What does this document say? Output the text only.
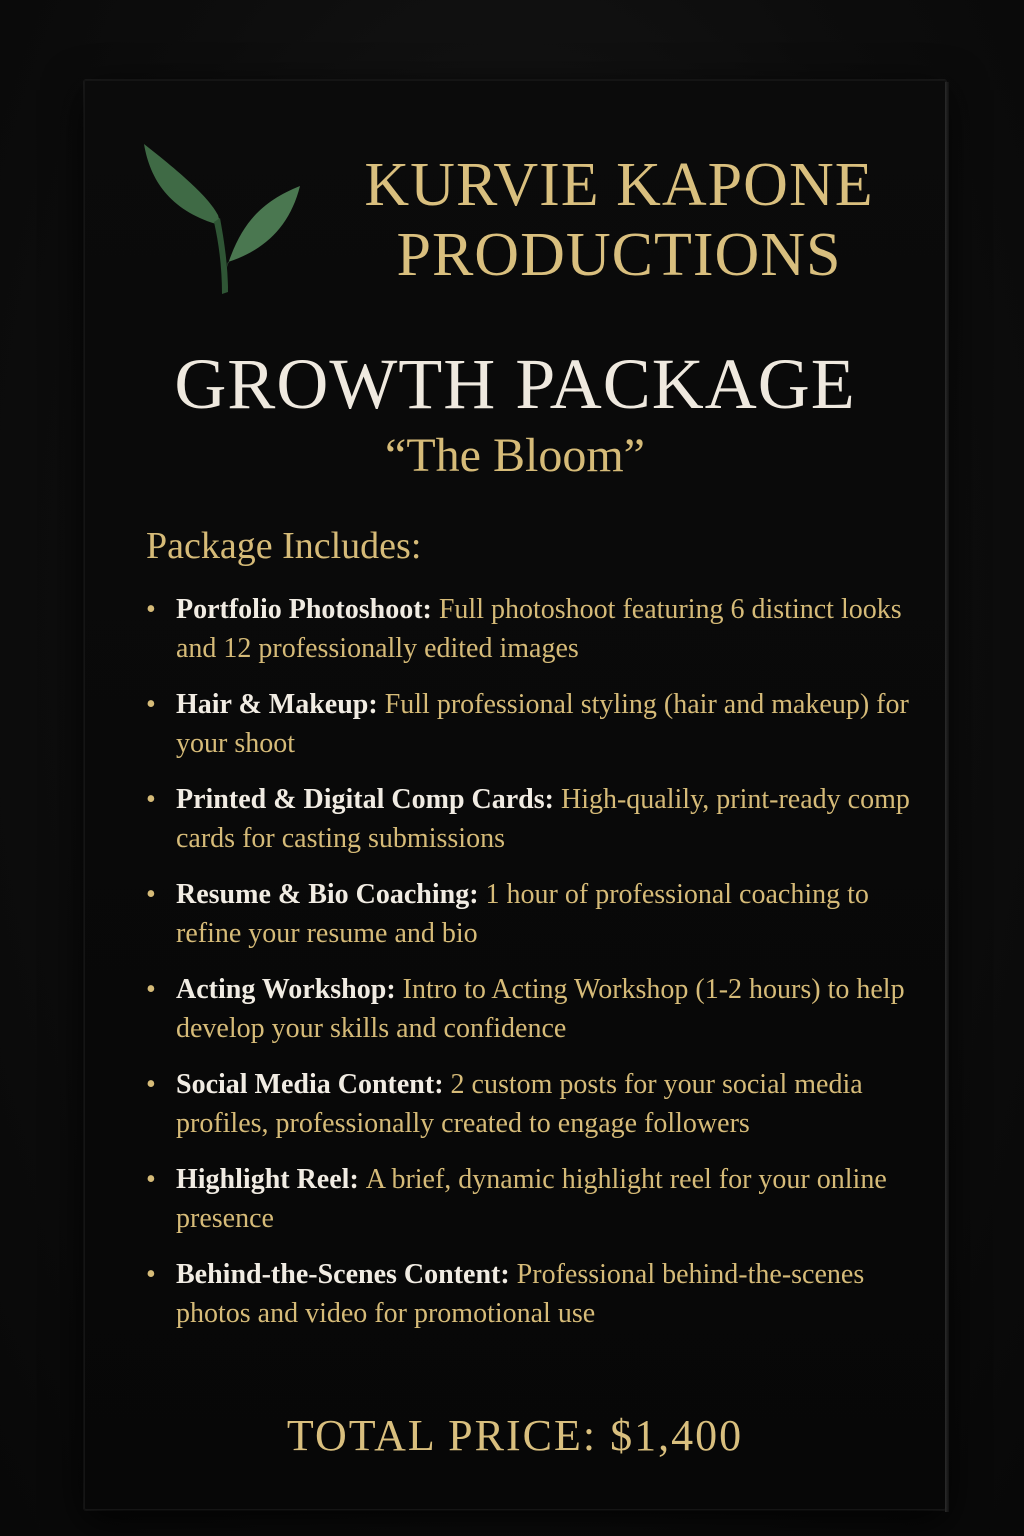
KURVIE KAPONE
PRODUCTIONS
GROWTH PACKAGE
“The Bloom”
Package Includes:
• Portfolio Photoshoot: Full photoshoot featuring 6 distinct looks and 12 professionally edited images
• Hair & Makeup: Full professional styling (hair and makeup) for your shoot
• Printed & Digital Comp Cards: High-qualily, print-ready comp cards for casting submissions
• Resume & Bio Coaching: 1 hour of professional coaching to refine your resume and bio
• Acting Workshop: Intro to Acting Workshop (1-2 hours) to help develop your skills and confidence
• Social Media Content: 2 custom posts for your social media profiles, professionally created to engage followers
• Highlight Reel: A brief, dynamic highlight reel for your online presence
• Behind-the-Scenes Content: Professional behind-the-scenes photos and video for promotional use
TOTAL PRICE: $1,400
